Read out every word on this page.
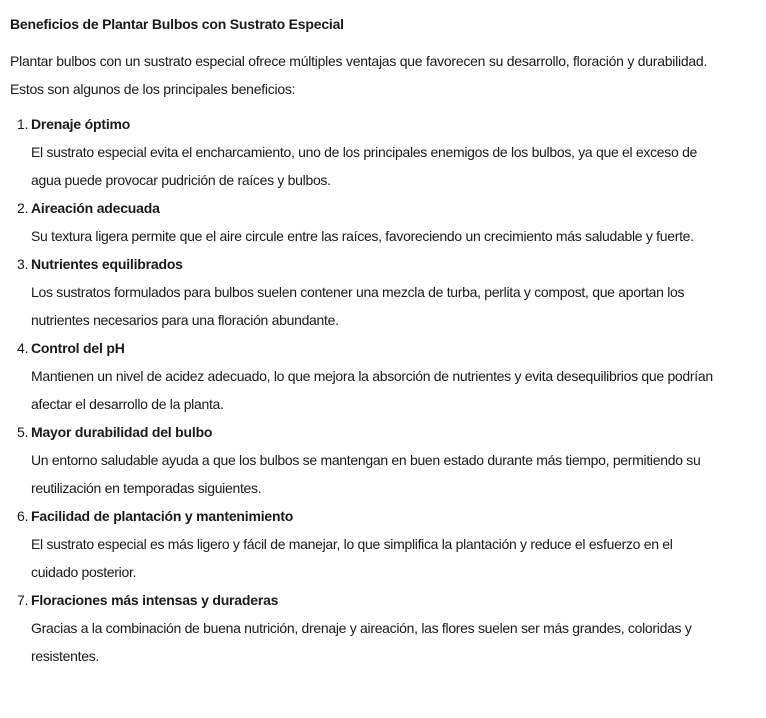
Beneficios de Plantar Bulbos con Sustrato Especial
Plantar bulbos con un sustrato especial ofrece múltiples ventajas que favorecen su desarrollo, floración y durabilidad.
Estos son algunos de los principales beneficios:
1. Drenaje óptimo
El sustrato especial evita el encharcamiento, uno de los principales enemigos de los bulbos, ya que el exceso de
agua puede provocar pudrición de raíces y bulbos.
2. Aireación adecuada
Su textura ligera permite que el aire circule entre las raíces, favoreciendo un crecimiento más saludable y fuerte.
3. Nutrientes equilibrados
Los sustratos formulados para bulbos suelen contener una mezcla de turba, perlita y compost, que aportan los
nutrientes necesarios para una floración abundante.
4. Control del pH
Mantienen un nivel de acidez adecuado, lo que mejora la absorción de nutrientes y evita desequilibrios que podrían
afectar el desarrollo de la planta.
5. Mayor durabilidad del bulbo
Un entorno saludable ayuda a que los bulbos se mantengan en buen estado durante más tiempo, permitiendo su
reutilización en temporadas siguientes.
6. Facilidad de plantación y mantenimiento
El sustrato especial es más ligero y fácil de manejar, lo que simplifica la plantación y reduce el esfuerzo en el
cuidado posterior.
7. Floraciones más intensas y duraderas
Gracias a la combinación de buena nutrición, drenaje y aireación, las flores suelen ser más grandes, coloridas y
resistentes.
